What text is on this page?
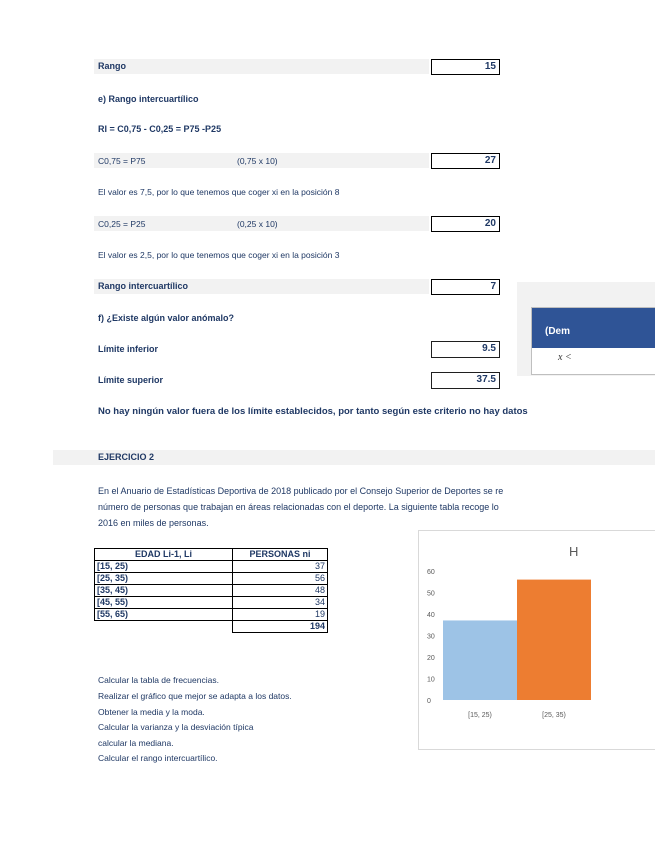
Rango	15
e) Rango intercuartílico
RI = C0,75 - C0,25 = P75 -P25
C0,75 = P75	(0,75 x 10)	27
El valor es 7,5, por lo que tenemos que coger xi en la posición 8
C0,25 = P25	(0,25 x 10)	20
El valor es 2,5, por lo que tenemos que coger xi en la posición 3
Rango intercuartílico	7
f) ¿Existe algún valor anómalo?
Límite inferior	9.5
Límite superior	37.5
(Dem
x <
No hay ningún valor fuera de los límite establecidos, por tanto según este criterio no hay datos
EJERCICIO 2
En el Anuario de Estadísticas Deportiva de 2018 publicado por el Consejo Superior de Deportes se re
número de personas que trabajan en áreas relacionadas con el deporte. La siguiente tabla recoge lo
2016 en miles de personas.
EDAD Li-1, Li	PERSONAS ni
[15, 25)	37
[25, 35)	56
[35, 45)	48
[45, 55)	34
[55, 65)	19
	194
Calcular la tabla de frecuencias.
Realizar el gráfico que mejor se adapta a los datos.
Obtener la media y la moda.
Calcular la varianza y la desviación típica
calcular la mediana.
Calcular el rango intercuartílico.
H
0
10
20
30
40
50
60
[15, 25)	[25, 35)
